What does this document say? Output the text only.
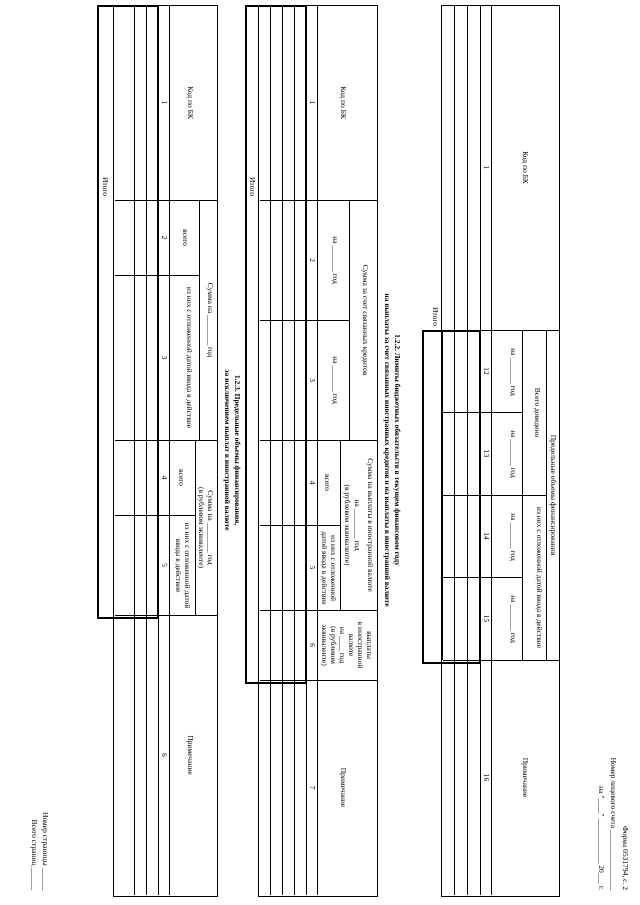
Форма 0531794, с. 2
Номер лицевого счета ________________
на "____" ____________ 20___ г.
Код по БК
Примечание
Предельные объемы финансирования
Всего доведено
из них с отложенной датой ввода в действие
на _______ год
на _______ год
на _______ год
на _______ год
1
12
13
14
15
16
Итого
1.2.2. Лимиты бюджетных обязательств в текущем финансовом году
на выплаты за счет связанных иностранных кредитов и на выплаты в иностранной валюте
Код по БК
Сумма за счет связанных кредитов
на _______ год
на _______ год
Сумма на выплаты в иностранной валюте
на ________ год
(в рублевом эквиваленте)
всего
из них с отложенной датой ввода в действие
выплаты
в иностранной
валюте
на ____ год
(в рублевом
эквиваленте)
Примечание
1
2
3
4
5
6
7
Итого
1.2.3. Предельные объемы финансирования,
за исключением выплат в иностранной валюте
Код по БК
Сумма на ________ год
всего
из них с отложенной датой ввода в действие
Сумма на ________ год
(в рублевом эквиваленте)
всего
из них с отложенной датой ввода в действие
Примечание
1
2
3
4
5
6
Итого
Номер страницы ______
Всего страниц ______
